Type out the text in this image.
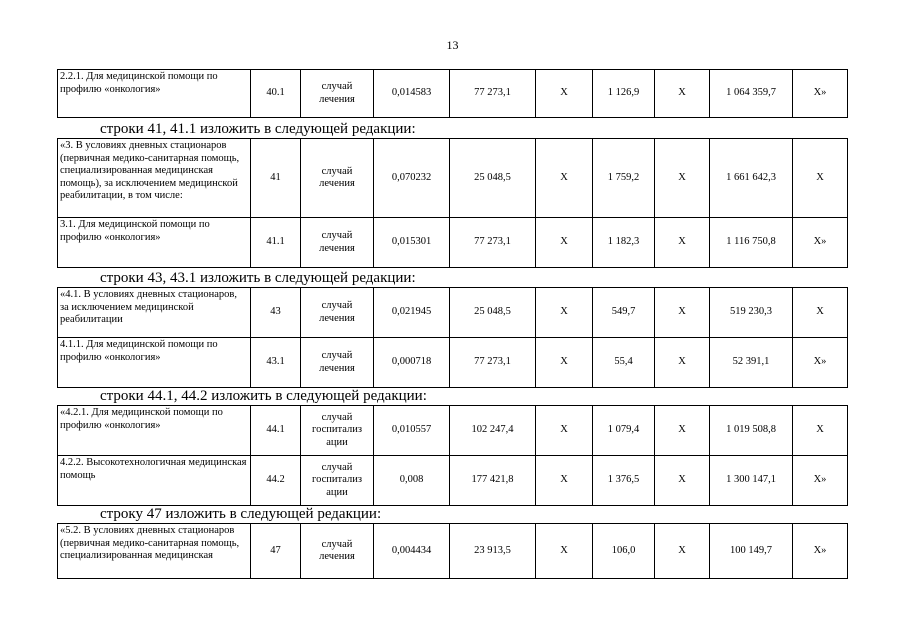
13
2.2.1. Для медицинской помощи по профилю «онкология»	40.1	случай лечения	0,014583	77 273,1	Х	1 126,9	Х	1 064 359,7	Х»
строки 41, 41.1 изложить в следующей редакции:
«3. В условиях дневных стационаров (первичная медико-санитарная помощь, специализированная медицинская помощь), за исключением медицинской реабилитации, в том числе:	41	случай лечения	0,070232	25 048,5	Х	1 759,2	Х	1 661 642,3	Х
3.1. Для медицинской помощи по профилю «онкология»	41.1	случай лечения	0,015301	77 273,1	Х	1 182,3	Х	1 116 750,8	Х»
строки 43, 43.1 изложить в следующей редакции:
«4.1. В условиях дневных стационаров, за исключением медицинской реабилитации	43	случай лечения	0,021945	25 048,5	Х	549,7	Х	519 230,3	Х
4.1.1. Для медицинской помощи по профилю «онкология»	43.1	случай лечения	0,000718	77 273,1	Х	55,4	Х	52 391,1	Х»
строки 44.1, 44.2 изложить в следующей редакции:
«4.2.1. Для медицинской помощи по профилю «онкология»	44.1	случай госпитализ ации	0,010557	102 247,4	Х	1 079,4	Х	1 019 508,8	Х
4.2.2. Высокотехнологичная медицинская помощь	44.2	случай госпитализ ации	0,008	177 421,8	Х	1 376,5	Х	1 300 147,1	Х»
строку 47 изложить в следующей редакции:
«5.2. В условиях дневных стационаров (первичная медико-санитарная помощь, специализированная медицинская	47	случай лечения	0,004434	23 913,5	Х	106,0	Х	100 149,7	Х»
